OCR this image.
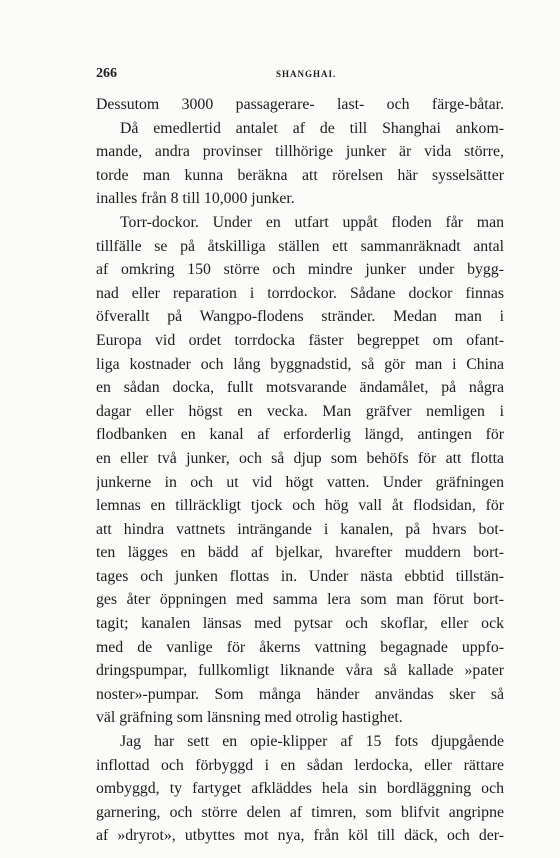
266	SHANGHAI.
Dessutom 3000 passagerare- last- och färge-båtar.
Då emedlertid antalet af de till Shanghai ankom-
mande, andra provinser tillhörige junker är vida större,
torde man kunna beräkna att rörelsen här sysselsätter
inalles från 8 till 10,000 junker.
Torr-dockor. Under en utfart uppåt floden får man
tillfälle se på åtskilliga ställen ett sammanräknadt antal
af omkring 150 större och mindre junker under bygg-
nad eller reparation i torrdockor. Sådane dockor finnas
öfverallt på Wangpo-flodens stränder. Medan man i
Europa vid ordet torrdocka fäster begreppet om ofant-
liga kostnader och lång byggnadstid, så gör man i China
en sådan docka, fullt motsvarande ändamålet, på några
dagar eller högst en vecka. Man gräfver nemligen i
flodbanken en kanal af erforderlig längd, antingen för
en eller två junker, och så djup som behöfs för att flotta
junkerne in och ut vid högt vatten. Under gräfningen
lemnas en tillräckligt tjock och hög vall åt flodsidan, för
att hindra vattnets inträngande i kanalen, på hvars bot-
ten lägges en bädd af bjelkar, hvarefter muddern bort-
tages och junken flottas in. Under nästa ebbtid tillstän-
ges åter öppningen med samma lera som man förut bort-
tagit; kanalen länsas med pytsar och skoflar, eller ock
med de vanlige för åkerns vattning begagnade uppfo-
dringspumpar, fullkomligt liknande våra så kallade »pater
noster»-pumpar. Som många händer användas sker så
väl gräfning som länsning med otrolig hastighet.
Jag har sett en opie-klipper af 15 fots djupgående
inflottad och förbyggd i en sådan lerdocka, eller rättare
ombyggd, ty fartyget afkläddes hela sin bordläggning och
garnering, och större delen af timren, som blifvit angripne
af »dryrot», utbyttes mot nya, från köl till däck, och der-
